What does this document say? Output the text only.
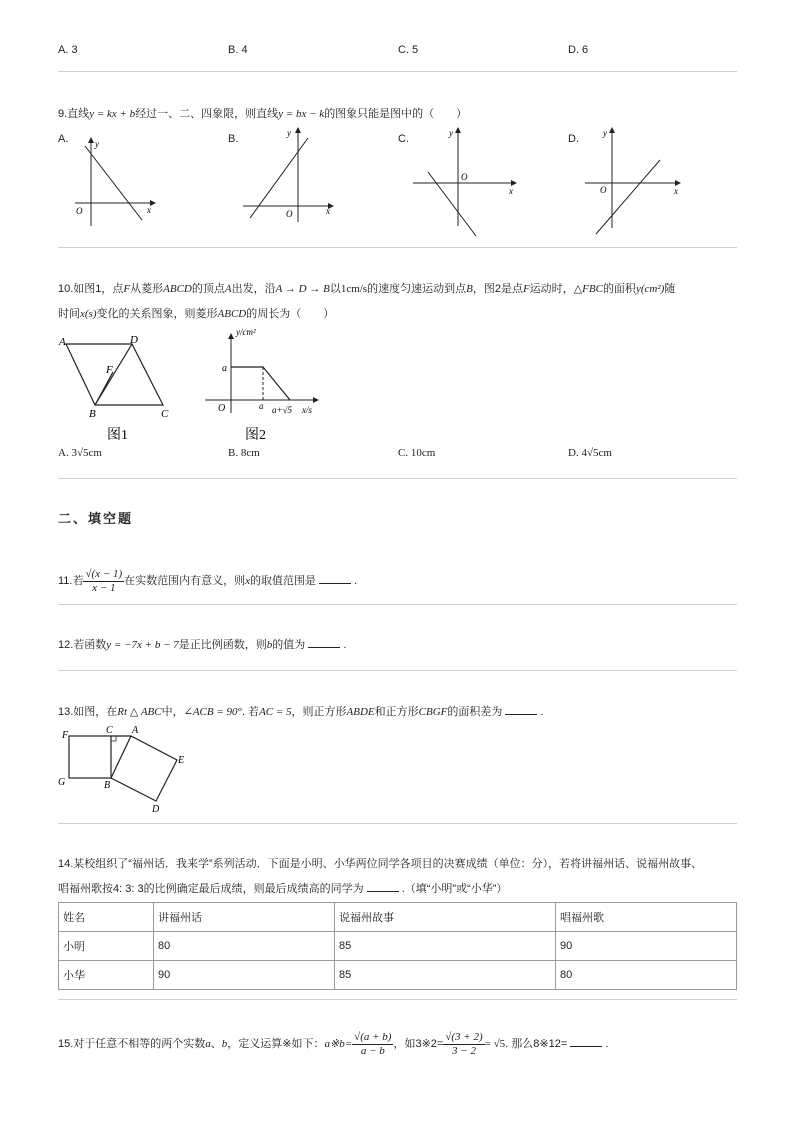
A. 3	B. 4	C. 5	D. 6
9.直线y = kx + b经过一、二、四象限，则直线y = bx − k的图象只能是图中的（　　）
A.	B.	C.	D.
y
x
O
y
x
O
y
x
O
y
x
O
10.如图1，点F从菱形ABCD的顶点A出发，沿A → D → B以1cm/s的速度匀速运动到点B，图2是点F运动时，△FBC的面积y(cm²)随
时间x(s)变化的关系图象，则菱形ABCD的周长为（　　）
A	D
F
B	C
图1
y/cm²
a
O	a a+√5 x/s
图2
A. 3√5cm	B. 8cm	C. 10cm	D. 4√5cm
二、填空题
11.若 $\frac{√(x - 1)}{x - 1}$ 在实数范围内有意义，则x的取值范围是	.
12.若函数y = −7x + b − 7是正比例函数，则b的值为	.
13.如图，在Rt △ ABC中，∠ACB = 90°. 若AC = 5，则正方形ABDE和正方形CBGF的面积差为	.
F	C A
E
G	B
D
14.某校组织了“福州话．我来学”系列活动．下面是小明、小华两位同学各项目的决赛成绩（单位：分），若将讲福州话、说福州故事、
唱福州歌按4: 3: 3的比例确定最后成绩，则最后成绩高的同学为	.（填“小明”或“小华”）
姓名	讲福州话	说福州故事	唱福州歌
小明	80	85	90
小华	90	85	80
15.对于任意不相等的两个实数a、b，定义运算※如下：a※b= $\frac{√(a + b)}{a - b}$ ，如3※2= $\frac{√(3 + 2)}{3 - 2} = √5$. 那么8※12=	.
